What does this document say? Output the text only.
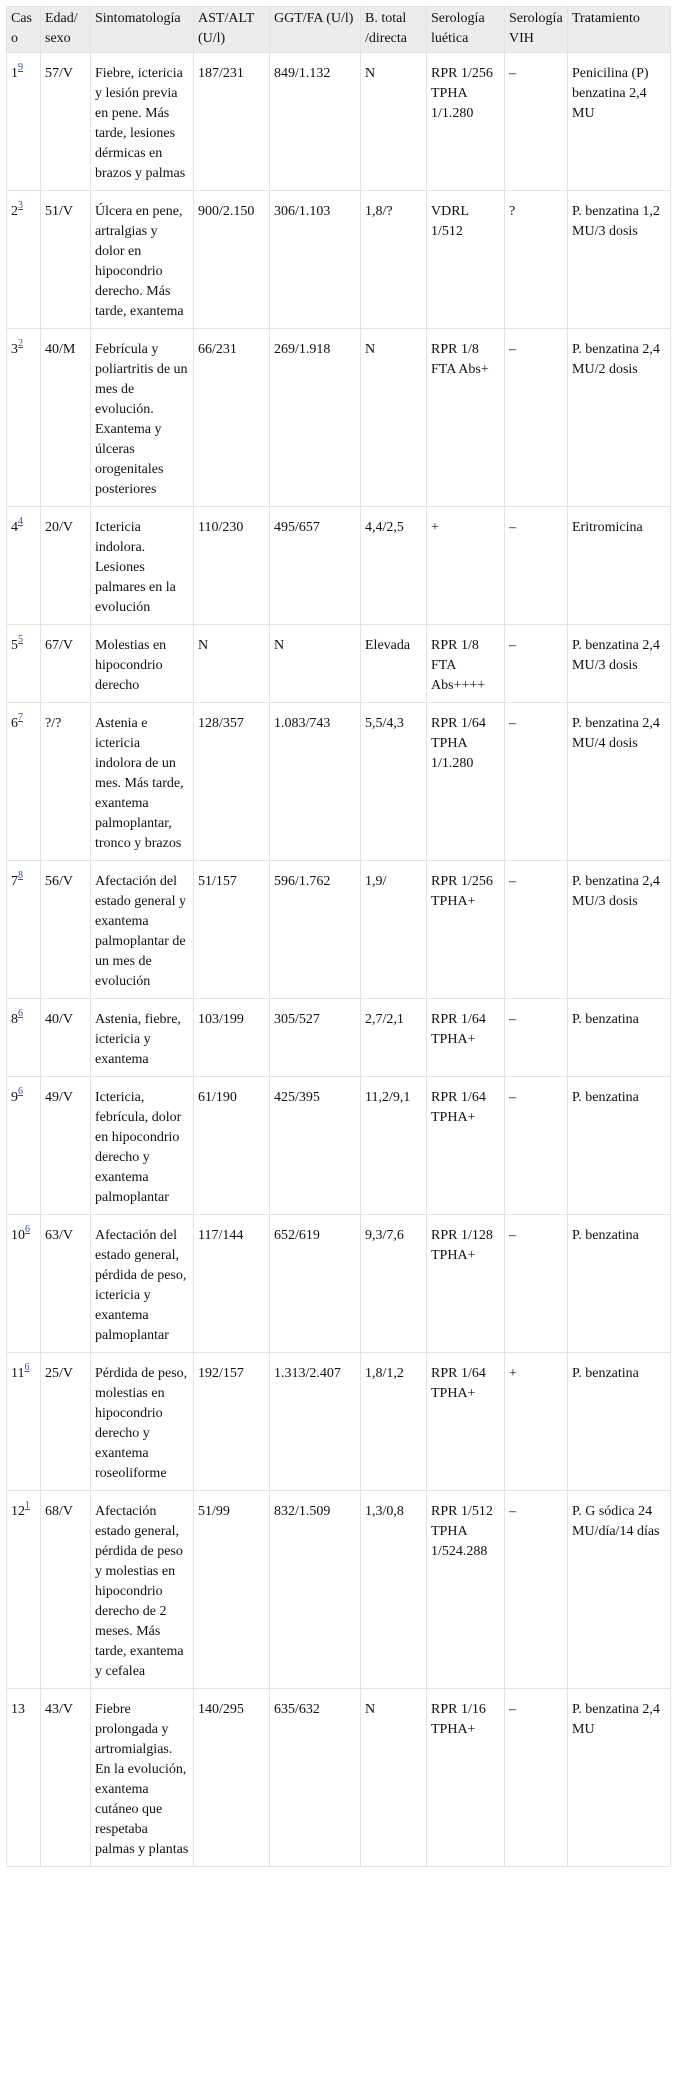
Caso	Edad/ sexo	Sintomatología	AST/ALT (U/l)	GGT/FA (U/l)	B. total /directa	Serología luética	Serología VIH	Tratamiento
1$^9$	57/V	Fiebre, ictericia y lesión previa en pene. Más tarde, lesiones dérmicas en brazos y palmas	187/231	849/1.132	N	RPR 1/256 TPHA 1/1.280	–	Penicilina (P) benzatina 2,4 MU
2$^3$	51/V	Úlcera en pene, artralgias y dolor en hipocondrio derecho. Más tarde, exantema	900/2.150	306/1.103	1,8/?	VDRL 1/512	?	P. benzatina 1,2 MU/3 dosis
3$^2$	40/M	Febrícula y poliartritis de un mes de evolución. Exantema y úlceras orogenitales posteriores	66/231	269/1.918	N	RPR 1/8 FTA Abs+	–	P. benzatina 2,4 MU/2 dosis
4$^4$	20/V	Ictericia indolora. Lesiones palmares en la evolución	110/230	495/657	4,4/2,5	+	–	Eritromicina
5$^5$	67/V	Molestias en hipocondrio derecho	N	N	Elevada	RPR 1/8 FTA Abs++++	–	P. benzatina 2,4 MU/3 dosis
6$^7$	?/?	Astenia e ictericia indolora de un mes. Más tarde, exantema palmoplantar, tronco y brazos	128/357	1.083/743	5,5/4,3	RPR 1/64 TPHA 1/1.280	–	P. benzatina 2,4 MU/4 dosis
7$^8$	56/V	Afectación del estado general y exantema palmoplantar de un mes de evolución	51/157	596/1.762	1,9/	RPR 1/256 TPHA+	–	P. benzatina 2,4 MU/3 dosis
8$^6$	40/V	Astenia, fiebre, ictericia y exantema	103/199	305/527	2,7/2,1	RPR 1/64 TPHA+	–	P. benzatina
9$^6$	49/V	Ictericia, febrícula, dolor en hipocondrio derecho y exantema palmoplantar	61/190	425/395	11,2/9,1	RPR 1/64 TPHA+	–	P. benzatina
10$^6$	63/V	Afectación del estado general, pérdida de peso, ictericia y exantema palmoplantar	117/144	652/619	9,3/7,6	RPR 1/128 TPHA+	–	P. benzatina
11$^6$	25/V	Pérdida de peso, molestias en hipocondrio derecho y exantema roseoliforme	192/157	1.313/2.407	1,8/1,2	RPR 1/64 TPHA+	+	P. benzatina
12$^1$	68/V	Afectación estado general, pérdida de peso y molestias en hipocondrio derecho de 2 meses. Más tarde, exantema y cefalea	51/99	832/1.509	1,3/0,8	RPR 1/512 TPHA 1/524.288	–	P. G sódica 24 MU/día/14 días
13	43/V	Fiebre prolongada y artromialgias. En la evolución, exantema cutáneo que respetaba palmas y plantas	140/295	635/632	N	RPR 1/16 TPHA+	–	P. benzatina 2,4 MU
